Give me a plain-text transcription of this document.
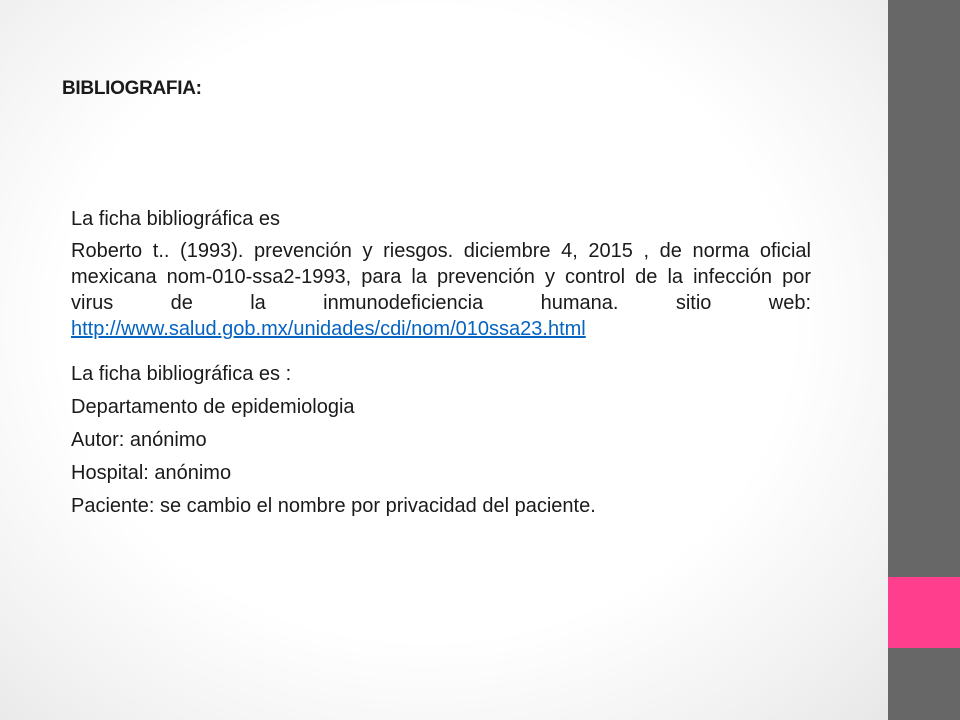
BIBLIOGRAFIA:

La ficha bibliográfica es

Roberto t.. (1993). prevención y riesgos. diciembre 4, 2015 , de norma oficial mexicana nom-010-ssa2-1993, para la prevención y control de la infección por virus de la inmunodeficiencia humana. sitio web: http://www.salud.gob.mx/unidades/cdi/nom/010ssa23.html

La ficha bibliográfica es :

Departamento de epidemiologia

Autor: anónimo

Hospital: anónimo

Paciente: se cambio el nombre por privacidad del paciente.
